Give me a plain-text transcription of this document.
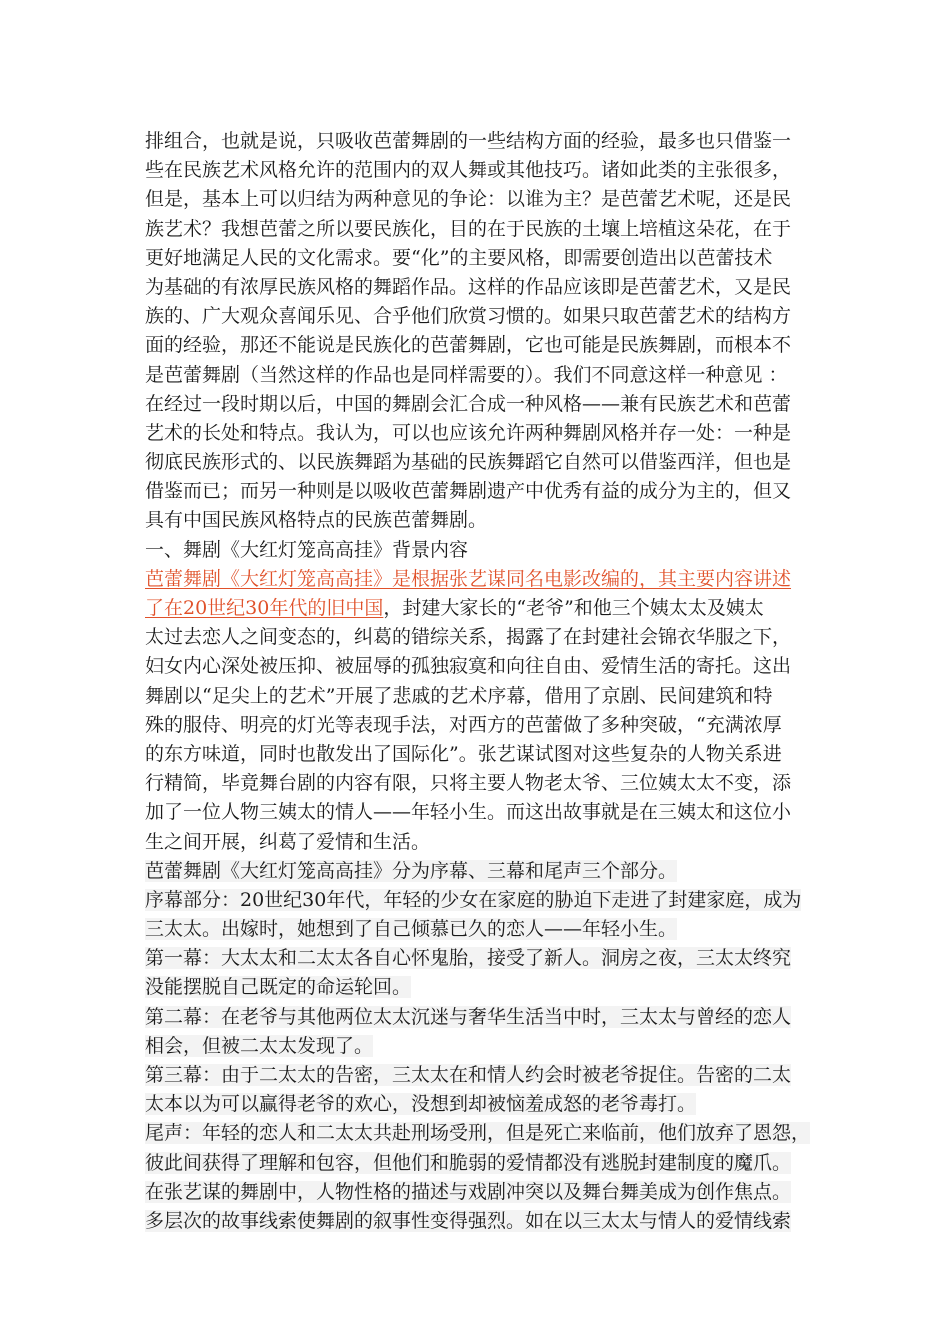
排组合，也就是说，只吸收芭蕾舞剧的一些结构方面的经验，最多也只借鉴一
些在民族艺术风格允许的范围内的双人舞或其他技巧。诸如此类的主张很多，
但是，基本上可以归结为两种意见的争论：以谁为主？是芭蕾艺术呢，还是民
族艺术？我想芭蕾之所以要民族化，目的在于民族的土壤上培植这朵花，在于
更好地满足人民的文化需求。要“化”的主要风格，即需要创造出以芭蕾技术
为基础的有浓厚民族风格的舞蹈作品。这样的作品应该即是芭蕾艺术，又是民
族的、广大观众喜闻乐见、合乎他们欣赏习惯的。如果只取芭蕾艺术的结构方
面的经验，那还不能说是民族化的芭蕾舞剧，它也可能是民族舞剧，而根本不
是芭蕾舞剧（当然这样的作品也是同样需要的）。我们不同意这样一种意见 ：
在经过一段时期以后，中国的舞剧会汇合成一种风格——兼有民族艺术和芭蕾
艺术的长处和特点。我认为，可以也应该允许两种舞剧风格并存一处：一种是
彻底民族形式的、以民族舞蹈为基础的民族舞蹈它自然可以借鉴西洋，但也是
借鉴而已；而另一种则是以吸收芭蕾舞剧遗产中优秀有益的成分为主的，但又
具有中国民族风格特点的民族芭蕾舞剧。
一、舞剧《大红灯笼高高挂》背景内容
芭蕾舞剧《大红灯笼高高挂》是根据张艺谋同名电影改编的，其主要内容讲述
了在20世纪30年代的旧中国，封建大家长的“老爷”和他三个姨太太及姨太
太过去恋人之间变态的，纠葛的错综关系，揭露了在封建社会锦衣华服之下，
妇女内心深处被压抑、被屈辱的孤独寂寞和向往自由、爱情生活的寄托。这出
舞剧以“足尖上的艺术”开展了悲戚的艺术序幕，借用了京剧、民间建筑和特
殊的服侍、明亮的灯光等表现手法，对西方的芭蕾做了多种突破，“充满浓厚
的东方味道，同时也散发出了国际化”。张艺谋试图对这些复杂的人物关系进
行精简，毕竟舞台剧的内容有限，只将主要人物老太爷、三位姨太太不变，添
加了一位人物三姨太的情人——年轻小生。而这出故事就是在三姨太和这位小
生之间开展，纠葛了爱情和生活。
芭蕾舞剧《大红灯笼高高挂》分为序幕、三幕和尾声三个部分。
序幕部分：20世纪30年代，年轻的少女在家庭的胁迫下走进了封建家庭，成为
三太太。出嫁时，她想到了自己倾慕已久的恋人——年轻小生。
第一幕：大太太和二太太各自心怀鬼胎，接受了新人。洞房之夜，三太太终究
没能摆脱自己既定的命运轮回。
第二幕：在老爷与其他两位太太沉迷与奢华生活当中时，三太太与曾经的恋人
相会，但被二太太发现了。
第三幕：由于二太太的告密，三太太在和情人约会时被老爷捉住。告密的二太
太本以为可以赢得老爷的欢心，没想到却被恼羞成怒的老爷毒打。
尾声：年轻的恋人和二太太共赴刑场受刑，但是死亡来临前，他们放弃了恩怨，
彼此间获得了理解和包容，但他们和脆弱的爱情都没有逃脱封建制度的魔爪。
在张艺谋的舞剧中，人物性格的描述与戏剧冲突以及舞台舞美成为创作焦点。
多层次的故事线索使舞剧的叙事性变得强烈。如在以三太太与情人的爱情线索
